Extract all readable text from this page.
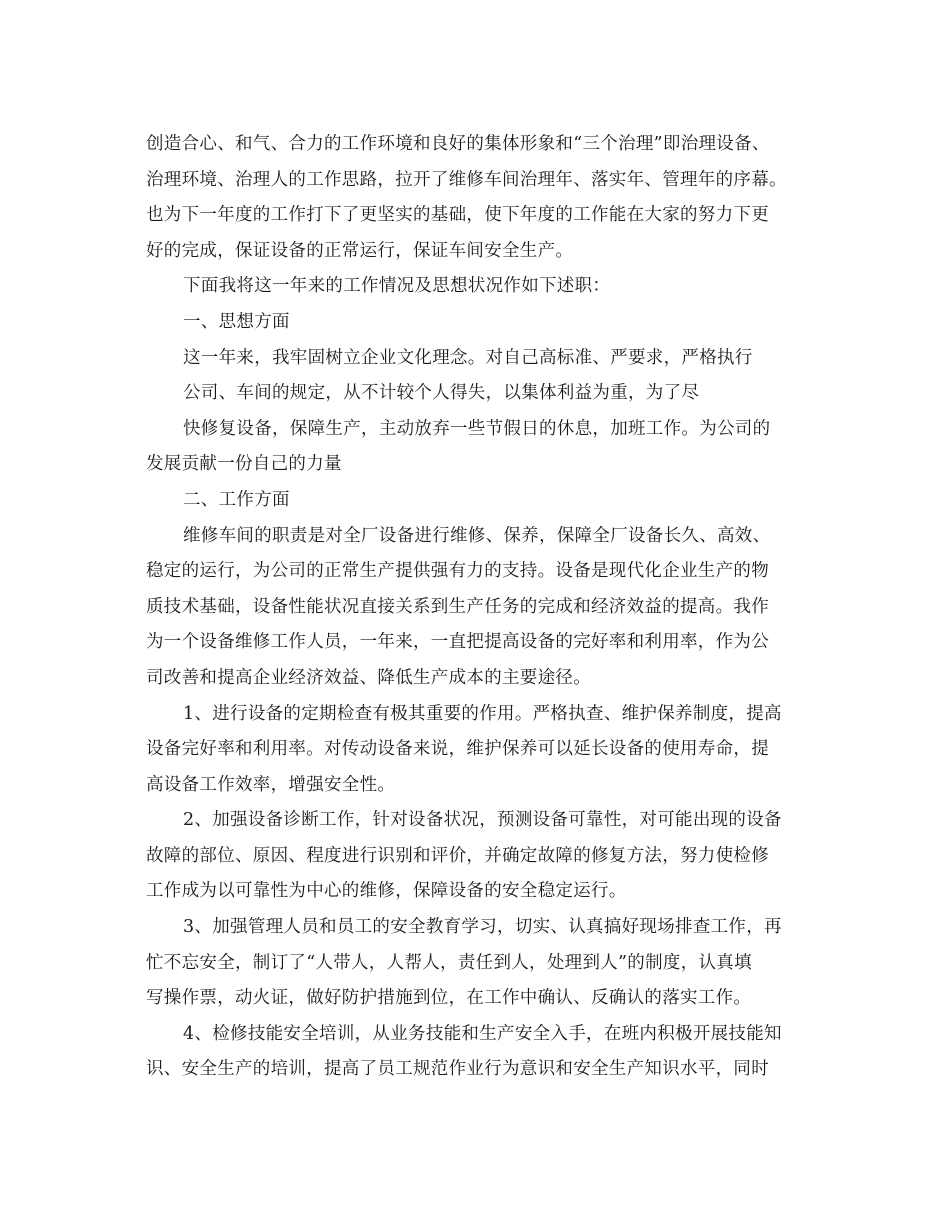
创造合心、和气、合力的工作环境和良好的集体形象和“三个治理”即治理设备、
治理环境、治理人的工作思路，拉开了维修车间治理年、落实年、管理年的序幕。
也为下一年度的工作打下了更坚实的基础，使下年度的工作能在大家的努力下更
好的完成，保证设备的正常运行，保证车间安全生产。
下面我将这一年来的工作情况及思想状况作如下述职：
一、思想方面
这一年来，我牢固树立企业文化理念。对自己高标准、严要求，严格执行
公司、车间的规定，从不计较个人得失，以集体利益为重，为了尽
快修复设备，保障生产，主动放弃一些节假日的休息，加班工作。为公司的
发展贡献一份自己的力量
二、工作方面
维修车间的职责是对全厂设备进行维修、保养，保障全厂设备长久、高效、
稳定的运行，为公司的正常生产提供强有力的支持。设备是现代化企业生产的物
质技术基础，设备性能状况直接关系到生产任务的完成和经济效益的提高。我作
为一个设备维修工作人员，一年来，一直把提高设备的完好率和利用率，作为公
司改善和提高企业经济效益、降低生产成本的主要途径。
1、进行设备的定期检查有极其重要的作用。严格执查、维护保养制度，提高
设备完好率和利用率。对传动设备来说，维护保养可以延长设备的使用寿命，提
高设备工作效率，增强安全性。
2、加强设备诊断工作，针对设备状况，预测设备可靠性，对可能出现的设备
故障的部位、原因、程度进行识别和评价，并确定故障的修复方法，努力使检修
工作成为以可靠性为中心的维修，保障设备的安全稳定运行。
3、加强管理人员和员工的安全教育学习，切实、认真搞好现场排查工作，再
忙不忘安全，制订了“人带人，人帮人，责任到人，处理到人”的制度，认真填
写操作票，动火证，做好防护措施到位，在工作中确认、反确认的落实工作。
4、检修技能安全培训，从业务技能和生产安全入手，在班内积极开展技能知
识、安全生产的培训，提高了员工规范作业行为意识和安全生产知识水平，同时
